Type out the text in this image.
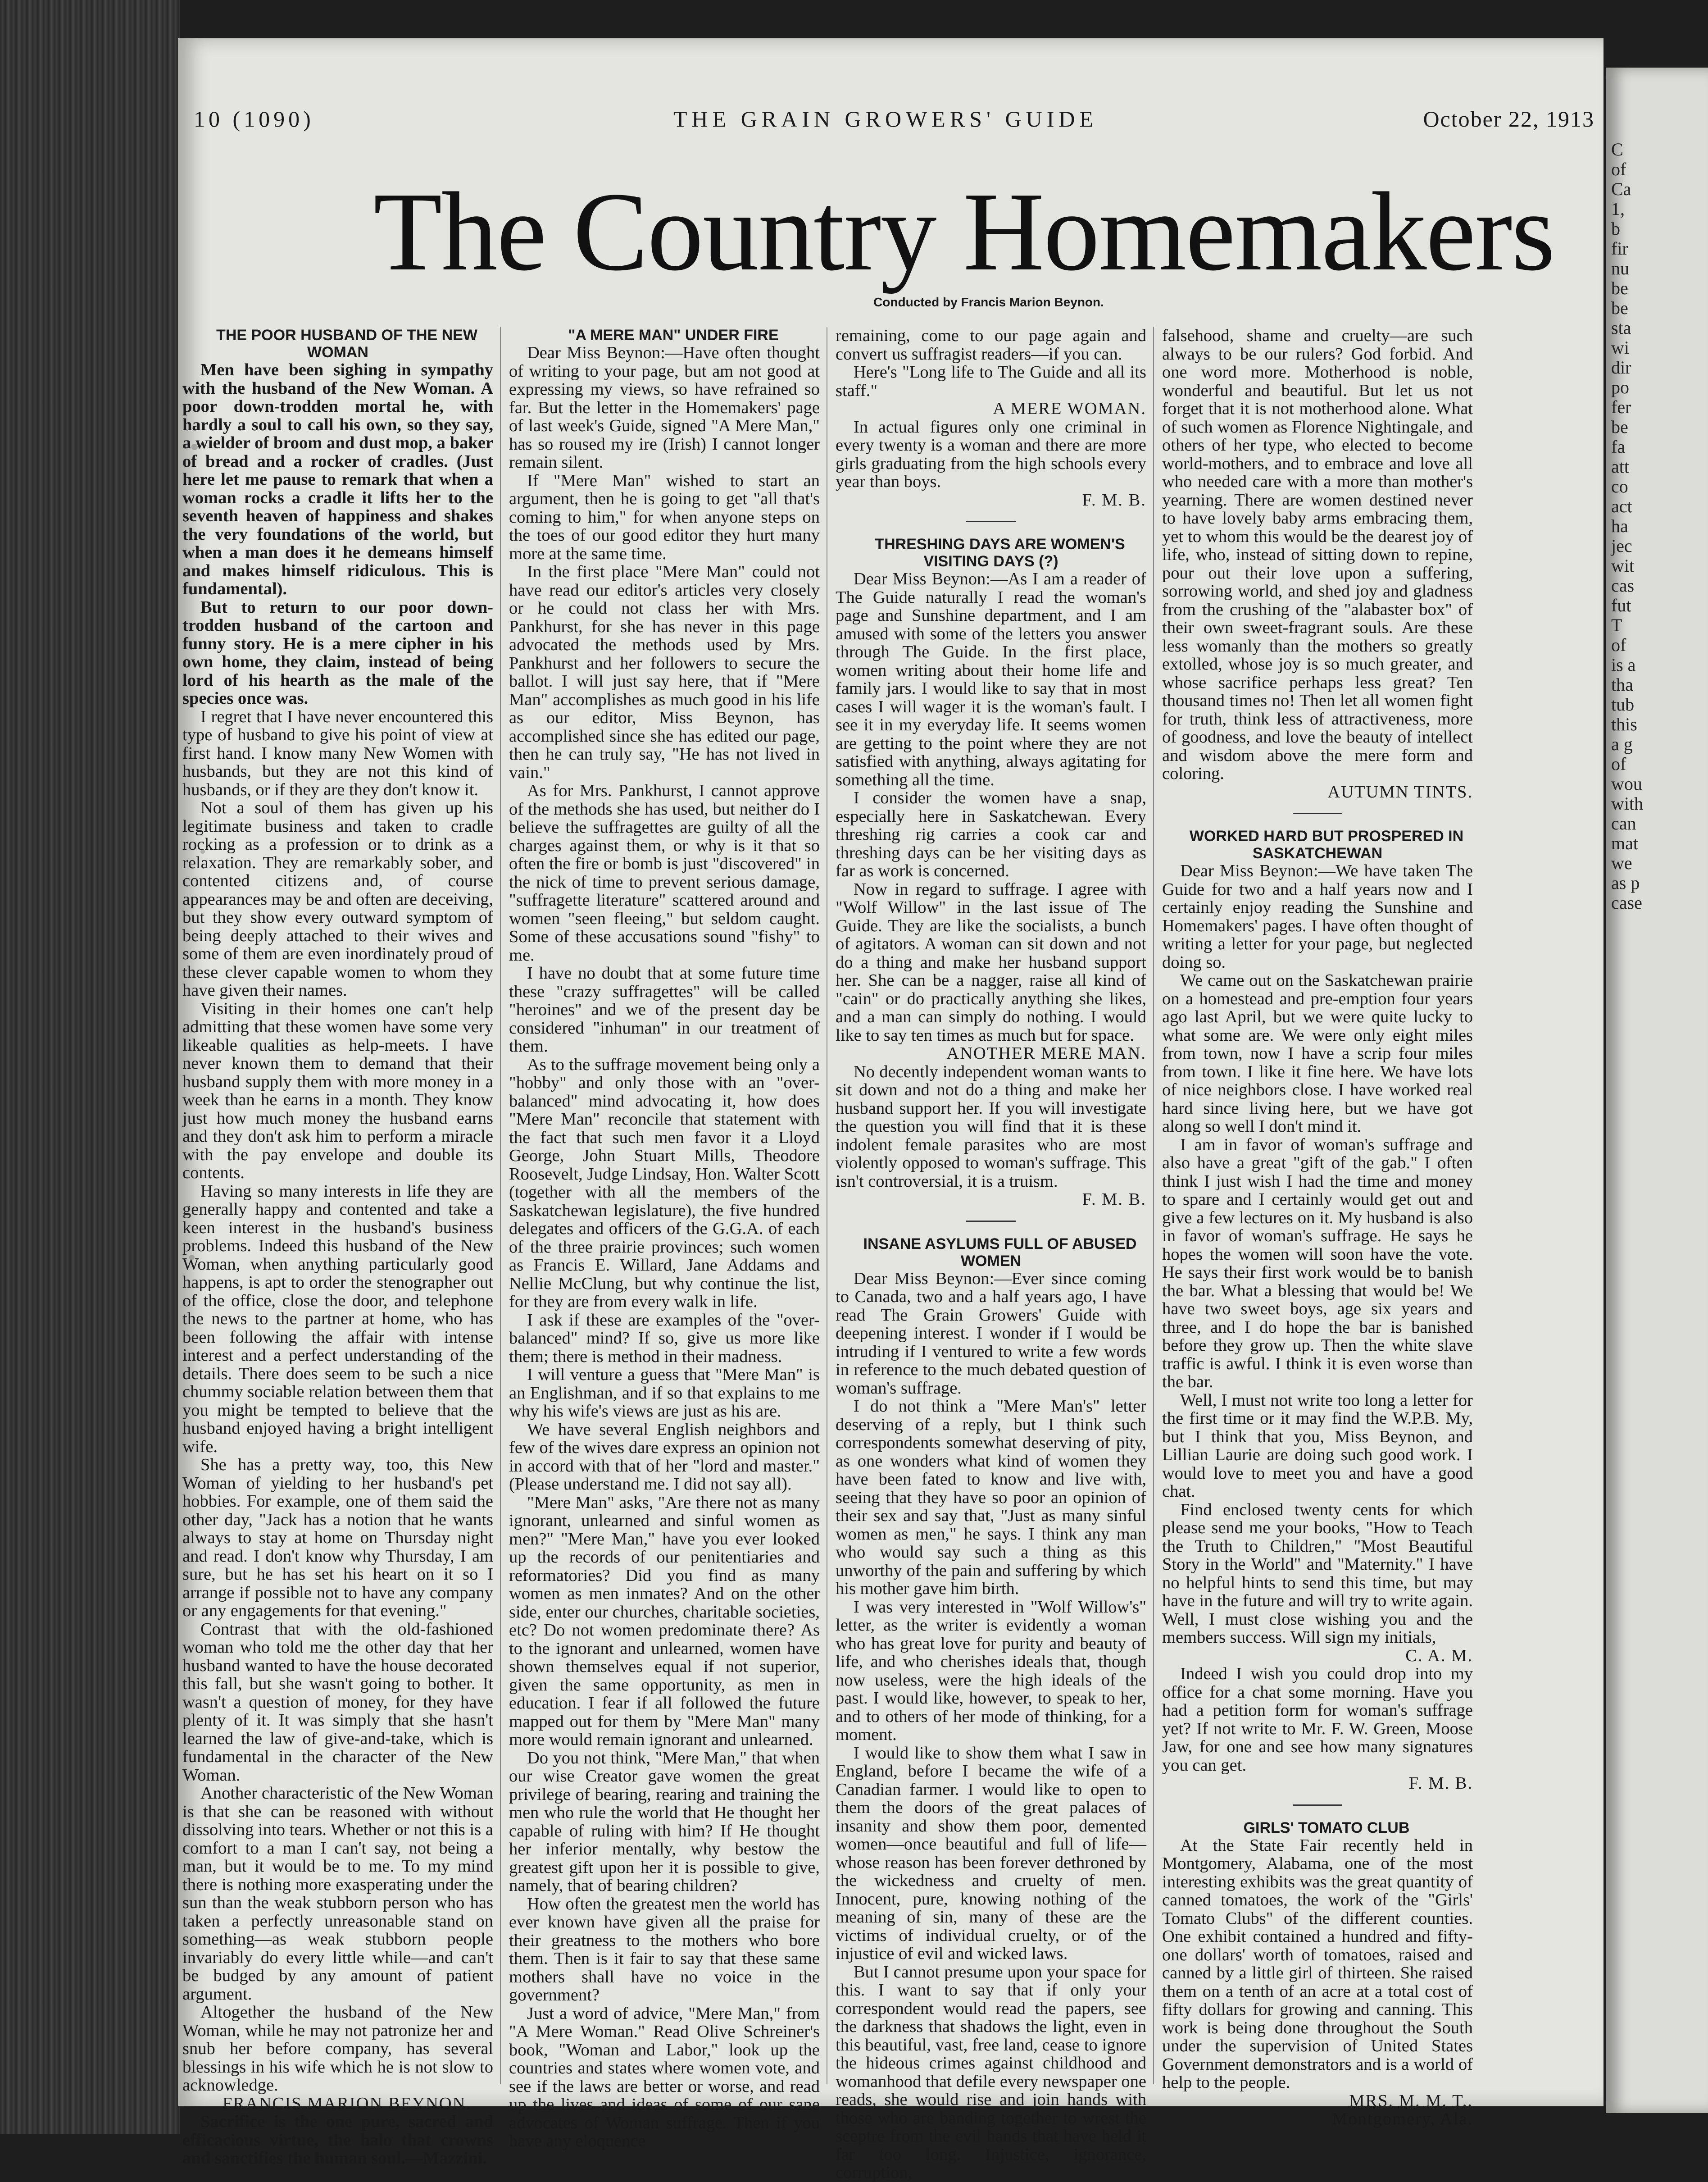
10 (1090)	THE GRAIN GROWERS' GUIDE	October 22, 1913
The Country Homemakers
Conducted by Francis Marion Beynon.

THE POOR HUSBAND OF THE NEW WOMAN

Men have been sighing in sympathy with the husband of the New Woman. A poor down-trodden mortal he, with hardly a soul to call his own, so they say, a wielder of broom and dust mop, a baker of bread and a rocker of cradles. (Just here let me pause to remark that when a woman rocks a cradle it lifts her to the seventh heaven of happiness and shakes the very foundations of the world, but when a man does it he demeans himself and makes himself ridiculous. This is fundamental).

But to return to our poor down-trodden husband of the cartoon and funny story. He is a mere cipher in his own home, they claim, instead of being lord of his hearth as the male of the species once was.

I regret that I have never encountered this type of husband to give his point of view at first hand. I know many New Women with husbands, but they are not this kind of husbands, or if they are they don't know it.

Not a soul of them has given up his legitimate business and taken to cradle rocking as a profession or to drink as a relaxation. They are remarkably sober, and contented citizens and, of course appearances may be and often are deceiving, but they show every outward symptom of being deeply attached to their wives and some of them are even inordinately proud of these clever capable women to whom they have given their names.

Visiting in their homes one can't help admitting that these women have some very likeable qualities as help-meets. I have never known them to demand that their husband supply them with more money in a week than he earns in a month. They know just how much money the husband earns and they don't ask him to perform a miracle with the pay envelope and double its contents.

Having so many interests in life they are generally happy and contented and take a keen interest in the husband's business problems. Indeed this husband of the New Woman, when anything particularly good happens, is apt to order the stenographer out of the office, close the door, and telephone the news to the partner at home, who has been following the affair with intense interest and a perfect understanding of the details. There does seem to be such a nice chummy sociable relation between them that you might be tempted to believe that the husband enjoyed having a bright intelligent wife.

She has a pretty way, too, this New Woman of yielding to her husband's pet hobbies. For example, one of them said the other day, "Jack has a notion that he wants always to stay at home on Thursday night and read. I don't know why Thursday, I am sure, but he has set his heart on it so I arrange if possible not to have any company or any engagements for that evening."

Contrast that with the old-fashioned woman who told me the other day that her husband wanted to have the house decorated this fall, but she wasn't going to bother. It wasn't a question of money, for they have plenty of it. It was simply that she hasn't learned the law of give-and-take, which is fundamental in the character of the New Woman.

Another characteristic of the New Woman is that she can be reasoned with without dissolving into tears. Whether or not this is a comfort to a man I can't say, not being a man, but it would be to me. To my mind there is nothing more exasperating under the sun than the weak stubborn person who has taken a perfectly unreasonable stand on something—as weak stubborn people invariably do every little while—and can't be budged by any amount of patient argument.

Altogether the husband of the New Woman, while he may not patronize her and snub her before company, has several blessings in his wife which he is not slow to acknowledge.

FRANCIS MARION BEYNON.

Sacrifice is the one pure, sacred and efficacious virtue, the halo that crowns and sanctifies the human soul.—Mazzini.

"A MERE MAN" UNDER FIRE

Dear Miss Beynon:—Have often thought of writing to your page, but am not good at expressing my views, so have refrained so far. But the letter in the Homemakers' page of last week's Guide, signed "A Mere Man," has so roused my ire (Irish) I cannot longer remain silent.

If "Mere Man" wished to start an argument, then he is going to get "all that's coming to him," for when anyone steps on the toes of our good editor they hurt many more at the same time.

In the first place "Mere Man" could not have read our editor's articles very closely or he could not class her with Mrs. Pankhurst, for she has never in this page advocated the methods used by Mrs. Pankhurst and her followers to secure the ballot. I will just say here, that if "Mere Man" accomplishes as much good in his life as our editor, Miss Beynon, has accomplished since she has edited our page, then he can truly say, "He has not lived in vain."

As for Mrs. Pankhurst, I cannot approve of the methods she has used, but neither do I believe the suffragettes are guilty of all the charges against them, or why is it that so often the fire or bomb is just "discovered" in the nick of time to prevent serious damage, "suffragette literature" scattered around and women "seen fleeing," but seldom caught. Some of these accusations sound "fishy" to me.

I have no doubt that at some future time these "crazy suffragettes" will be called "heroines" and we of the present day be considered "inhuman" in our treatment of them.

As to the suffrage movement being only a "hobby" and only those with an "over-balanced" mind advocating it, how does "Mere Man" reconcile that statement with the fact that such men favor it a Lloyd George, John Stuart Mills, Theodore Roosevelt, Judge Lindsay, Hon. Walter Scott (together with all the members of the Saskatchewan legislature), the five hundred delegates and officers of the G.G.A. of each of the three prairie provinces; such women as Francis E. Willard, Jane Addams and Nellie McClung, but why continue the list, for they are from every walk in life.

I ask if these are examples of the "over-balanced" mind? If so, give us more like them; there is method in their madness.

I will venture a guess that "Mere Man" is an Englishman, and if so that explains to me why his wife's views are just as his are.

We have several English neighbors and few of the wives dare express an opinion not in accord with that of her "lord and master." (Please understand me. I did not say all).

"Mere Man" asks, "Are there not as many ignorant, unlearned and sinful women as men?" "Mere Man," have you ever looked up the records of our penitentiaries and reformatories? Did you find as many women as men inmates? And on the other side, enter our churches, charitable societies, etc? Do not women predominate there? As to the ignorant and unlearned, women have shown themselves equal if not superior, given the same opportunity, as men in education. I fear if all followed the future mapped out for them by "Mere Man" many more would remain ignorant and unlearned.

Do you not think, "Mere Man," that when our wise Creator gave women the great privilege of bearing, rearing and training the men who rule the world that He thought her capable of ruling with him? If He thought her inferior mentally, why bestow the greatest gift upon her it is possible to give, namely, that of bearing children?

How often the greatest men the world has ever known have given all the praise for their greatness to the mothers who bore them. Then is it fair to say that these same mothers shall have no voice in the government?

Just a word of advice, "Mere Man," from "A Mere Woman." Read Olive Schreiner's book, "Woman and Labor," look up the countries and states where women vote, and see if the laws are better or worse, and read up the lives and ideas of some of our sane advocates of Woman suffrage. Then if you have any eloquence

remaining, come to our page again and convert us suffragist readers—if you can.

Here's "Long life to The Guide and all its staff."

A MERE WOMAN.

In actual figures only one criminal in every twenty is a woman and there are more girls graduating from the high schools every year than boys.

F. M. B.

THRESHING DAYS ARE WOMEN'S VISITING DAYS (?)

Dear Miss Beynon:—As I am a reader of The Guide naturally I read the woman's page and Sunshine department, and I am amused with some of the letters you answer through The Guide. In the first place, women writing about their home life and family jars. I would like to say that in most cases I will wager it is the woman's fault. I see it in my everyday life. It seems women are getting to the point where they are not satisfied with anything, always agitating for something all the time.

I consider the women have a snap, especially here in Saskatchewan. Every threshing rig carries a cook car and threshing days can be her visiting days as far as work is concerned.

Now in regard to suffrage. I agree with "Wolf Willow" in the last issue of The Guide. They are like the socialists, a bunch of agitators. A woman can sit down and not do a thing and make her husband support her. She can be a nagger, raise all kind of "cain" or do practically anything she likes, and a man can simply do nothing. I would like to say ten times as much but for space.

ANOTHER MERE MAN.

No decently independent woman wants to sit down and not do a thing and make her husband support her. If you will investigate the question you will find that it is these indolent female parasites who are most violently opposed to woman's suffrage. This isn't controversial, it is a truism.

F. M. B.

INSANE ASYLUMS FULL OF ABUSED WOMEN

Dear Miss Beynon:—Ever since coming to Canada, two and a half years ago, I have read The Grain Growers' Guide with deepening interest. I wonder if I would be intruding if I ventured to write a few words in reference to the much debated question of woman's suffrage.

I do not think a "Mere Man's" letter deserving of a reply, but I think such correspondents somewhat deserving of pity, as one wonders what kind of women they have been fated to know and live with, seeing that they have so poor an opinion of their sex and say that, "Just as many sinful women as men," he says. I think any man who would say such a thing as this unworthy of the pain and suffering by which his mother gave him birth.

I was very interested in "Wolf Willow's" letter, as the writer is evidently a woman who has great love for purity and beauty of life, and who cherishes ideals that, though now useless, were the high ideals of the past. I would like, however, to speak to her, and to others of her mode of thinking, for a moment.

I would like to show them what I saw in England, before I became the wife of a Canadian farmer. I would like to open to them the doors of the great palaces of insanity and show them poor, demented women—once beautiful and full of life—whose reason has been forever dethroned by the wickedness and cruelty of men. Innocent, pure, knowing nothing of the meaning of sin, many of these are the victims of individual cruelty, or of the injustice of evil and wicked laws.

But I cannot presume upon your space for this. I want to say that if only your correspondent would read the papers, see the darkness that shadows the light, even in this beautiful, vast, free land, cease to ignore the hideous crimes against childhood and womanhood that defile every newspaper one reads, she would rise and join hands with those who are banding together to wrest the sceptre from the evil hands that have held it far too long. Injustice, ignorance, corruption,

falsehood, shame and cruelty—are such always to be our rulers? God forbid. And one word more. Motherhood is noble, wonderful and beautiful. But let us not forget that it is not motherhood alone. What of such women as Florence Nightingale, and others of her type, who elected to become world-mothers, and to embrace and love all who needed care with a more than mother's yearning. There are women destined never to have lovely baby arms embracing them, yet to whom this would be the dearest joy of life, who, instead of sitting down to repine, pour out their love upon a suffering, sorrowing world, and shed joy and gladness from the crushing of the "alabaster box" of their own sweet-fragrant souls. Are these less womanly than the mothers so greatly extolled, whose joy is so much greater, and whose sacrifice perhaps less great? Ten thousand times no! Then let all women fight for truth, think less of attractiveness, more of goodness, and love the beauty of intellect and wisdom above the mere form and coloring.

AUTUMN TINTS.

WORKED HARD BUT PROSPERED IN SASKATCHEWAN

Dear Miss Beynon:—We have taken The Guide for two and a half years now and I certainly enjoy reading the Sunshine and Homemakers' pages. I have often thought of writing a letter for your page, but neglected doing so.

We came out on the Saskatchewan prairie on a homestead and pre-emption four years ago last April, but we were quite lucky to what some are. We were only eight miles from town, now I have a scrip four miles from town. I like it fine here. We have lots of nice neighbors close. I have worked real hard since living here, but we have got along so well I don't mind it.

I am in favor of woman's suffrage and also have a great "gift of the gab." I often think I just wish I had the time and money to spare and I certainly would get out and give a few lectures on it. My husband is also in favor of woman's suffrage. He says he hopes the women will soon have the vote. He says their first work would be to banish the bar. What a blessing that would be! We have two sweet boys, age six years and three, and I do hope the bar is banished before they grow up. Then the white slave traffic is awful. I think it is even worse than the bar.

Well, I must not write too long a letter for the first time or it may find the W.P.B. My, but I think that you, Miss Beynon, and Lillian Laurie are doing such good work. I would love to meet you and have a good chat.

Find enclosed twenty cents for which please send me your books, "How to Teach the Truth to Children," "Most Beautiful Story in the World" and "Maternity." I have no helpful hints to send this time, but may have in the future and will try to write again. Well, I must close wishing you and the members success. Will sign my initials,

C. A. M.

Indeed I wish you could drop into my office for a chat some morning. Have you had a petition form for woman's suffrage yet? If not write to Mr. F. W. Green, Moose Jaw, for one and see how many signatures you can get.

F. M. B.

GIRLS' TOMATO CLUB

At the State Fair recently held in Montgomery, Alabama, one of the most interesting exhibits was the great quantity of canned tomatoes, the work of the "Girls' Tomato Clubs" of the different counties. One exhibit contained a hundred and fifty-one dollars' worth of tomatoes, raised and canned by a little girl of thirteen. She raised them on a tenth of an acre at a total cost of fifty dollars for growing and canning. This work is being done throughout the South under the supervision of United States Government demonstrators and is a world of help to the people.

MRS. M. M. T.,

Montgomery, Ala.

C
of
Ca
1,
b
fir
nu
be
be
sta
wi
dir
po
fer
be
fa
att
co
act
ha
jec
wit
cas
fut
T
of
is a
tha
tub
this
a g
of
wou
with
can
mat
we
as p
case
